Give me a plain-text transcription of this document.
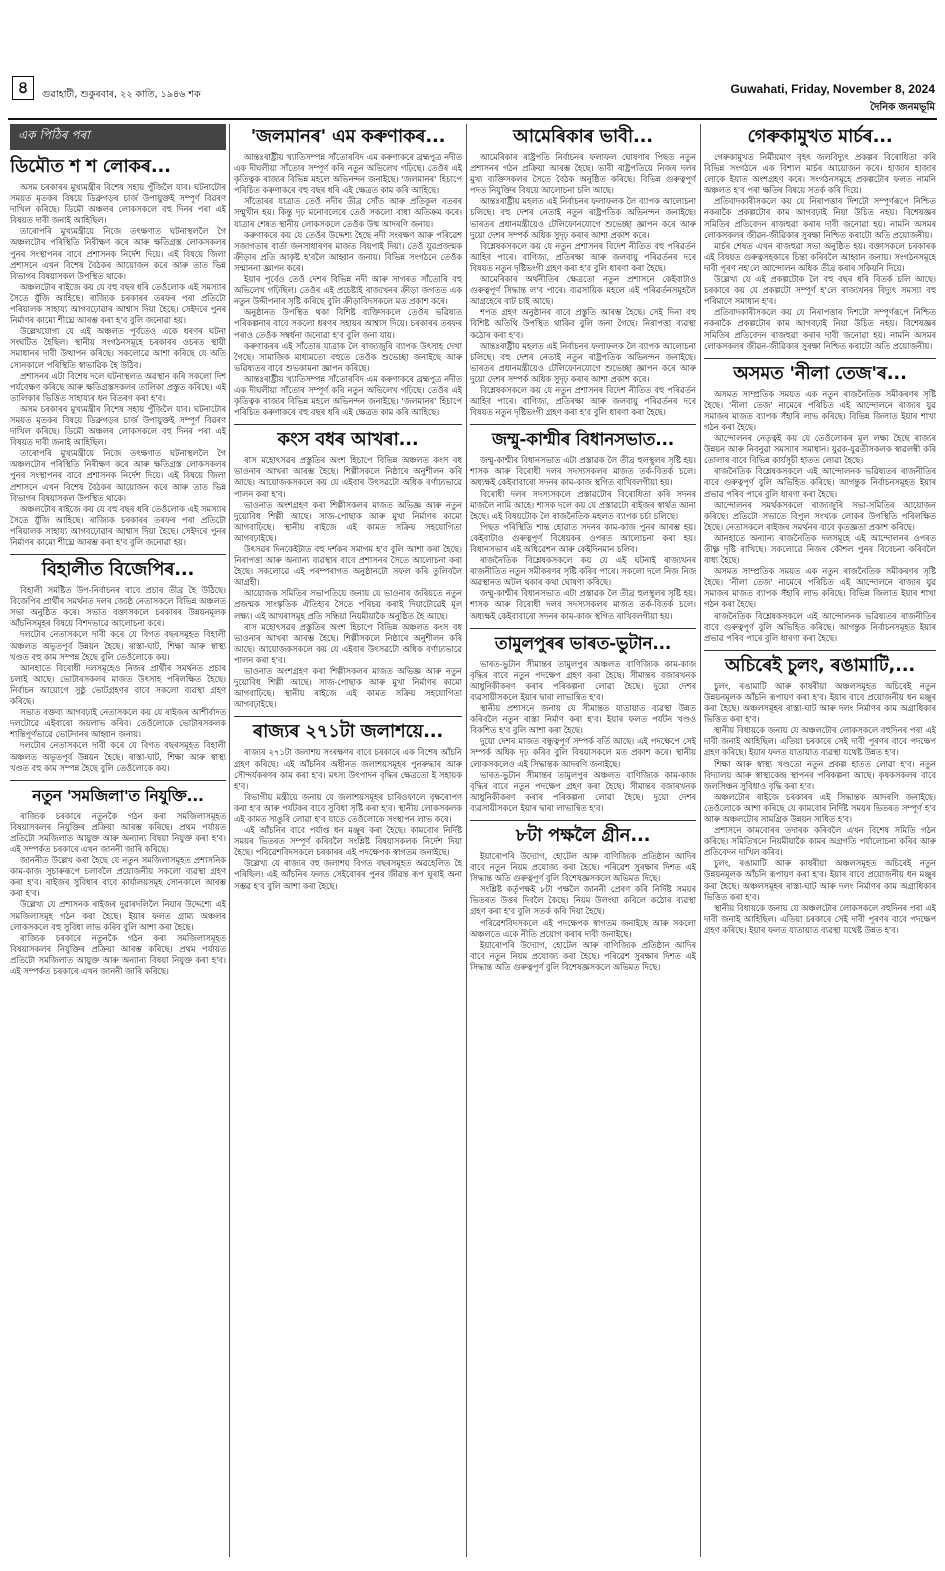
৪	গুৱাহাটী, শুকুৰবাৰ, ২২ কাতি, ১৯৪৬ শক	Guwahati, Friday, November 8, 2024
দৈনিক জনমভূমি
এক পিঠিৰ পৰা
ডিমৌত শ শ লোকৰ...

অসম চৰকাৰৰ মুখ্যমন্ত্ৰীৰ বিশেষ সহায় পুঁজিলৈ যাব। ঘটনাটোৰ সময়ত মৃতকৰ বিষয়ে ডিব্ৰুগড়ৰ চাৰ্জ উপায়ুক্তই সম্পূৰ্ণ বিৱৰণ দাখিল কৰিছে। ডিমৌ অঞ্চলৰ লোকসকলে বহু দিনৰ পৰা এই বিষয়ত দাবী জনাই আহিছিল।

তাৰোপৰি মুখ্যমন্ত্ৰীয়ে নিজে তৎক্ষণাত ঘটনাস্থললৈ গৈ অঞ্চলটোৰ পৰিস্থিতি নিৰীক্ষণ কৰে আৰু ক্ষতিগ্ৰস্ত লোকসকলৰ পুনৰ সংস্থাপনৰ বাবে প্ৰশাসনক নিৰ্দেশ দিয়ে। এই বিষয়ে জিলা প্ৰশাসনে এখন বিশেষ বৈঠকৰ আয়োজন কৰে আৰু তাত ভিন্ন বিভাগৰ বিষয়াসকল উপস্থিত থাকে।

অঞ্চলটোৰ ৰাইজে কয় যে বহু বছৰ ধৰি তেওঁলোক এই সমস্যাৰ সৈতে যুঁজি আহিছে। ৰাজ্যিক চৰকাৰৰ তৰফৰ পৰা প্ৰতিটো পৰিয়ালক সাহায্য আগবঢ়োৱাৰ আশ্বাস দিয়া হৈছে। সেইদৰে পুনৰ নিৰ্মাণৰ কামো শীঘ্ৰে আৰম্ভ কৰা হ'ব বুলি জনোৱা হয়।

উল্লেখযোগ্য যে এই অঞ্চলত পূৰ্বতেও একে ধৰণৰ ঘটনা সংঘটিত হৈছিল। স্থানীয় সংগঠনসমূহে চৰকাৰৰ ওচৰত স্থায়ী সমাধানৰ দাবী উত্থাপন কৰিছে। সকলোৱে আশা কৰিছে যে অতি সোনকালে পৰিস্থিতি স্বাভাৱিক হৈ উঠিব।

প্ৰশাসনৰ এটা বিশেষ দলে ঘটনাস্থলত অৱস্থান কৰি সকলো দিশ পৰ্যবেক্ষণ কৰিছে আৰু ক্ষতিগ্ৰস্তসকলৰ তালিকা প্ৰস্তুত কৰিছে। এই তালিকাৰ ভিত্তিত সাহায্যৰ ধন বিতৰণ কৰা হ'ব।

অসম চৰকাৰৰ মুখ্যমন্ত্ৰীৰ বিশেষ সহায় পুঁজিলৈ যাব। ঘটনাটোৰ সময়ত মৃতকৰ বিষয়ে ডিব্ৰুগড়ৰ চাৰ্জ উপায়ুক্তই সম্পূৰ্ণ বিৱৰণ দাখিল কৰিছে। ডিমৌ অঞ্চলৰ লোকসকলে বহু দিনৰ পৰা এই বিষয়ত দাবী জনাই আহিছিল।

তাৰোপৰি মুখ্যমন্ত্ৰীয়ে নিজে তৎক্ষণাত ঘটনাস্থললৈ গৈ অঞ্চলটোৰ পৰিস্থিতি নিৰীক্ষণ কৰে আৰু ক্ষতিগ্ৰস্ত লোকসকলৰ পুনৰ সংস্থাপনৰ বাবে প্ৰশাসনক নিৰ্দেশ দিয়ে। এই বিষয়ে জিলা প্ৰশাসনে এখন বিশেষ বৈঠকৰ আয়োজন কৰে আৰু তাত ভিন্ন বিভাগৰ বিষয়াসকল উপস্থিত থাকে।

অঞ্চলটোৰ ৰাইজে কয় যে বহু বছৰ ধৰি তেওঁলোক এই সমস্যাৰ সৈতে যুঁজি আহিছে। ৰাজ্যিক চৰকাৰৰ তৰফৰ পৰা প্ৰতিটো পৰিয়ালক সাহায্য আগবঢ়োৱাৰ আশ্বাস দিয়া হৈছে। সেইদৰে পুনৰ নিৰ্মাণৰ কামো শীঘ্ৰে আৰম্ভ কৰা হ'ব বুলি জনোৱা হয়।

বিহালীত বিজেপিৰ...

বিহালী সমষ্টিত উপ-নিৰ্বাচনৰ বাবে প্ৰচাৰ তীব্ৰ হৈ উঠিছে। বিজেপিৰ প্ৰাৰ্থীৰ সমৰ্থনত দলৰ জ্যেষ্ঠ নেতাসকলে বিভিন্ন অঞ্চলত সভা অনুষ্ঠিত কৰে। সভাত বক্তাসকলে চৰকাৰৰ উন্নয়নমূলক আঁচনিসমূহৰ বিষয়ে বিশদভাৱে আলোচনা কৰে।

দলটোৰ নেতাসকলে দাবী কৰে যে বিগত বছৰসমূহত বিহালী অঞ্চলত অভূতপূৰ্ব উন্নয়ন হৈছে। ৰাস্তা-ঘাট, শিক্ষা আৰু স্বাস্থ্য খণ্ডত বহু কাম সম্পন্ন হৈছে বুলি তেওঁলোকে কয়।

আনহাতে বিৰোধী দলসমূহেও নিজৰ প্ৰাৰ্থীৰ সমৰ্থনত প্ৰচাৰ চলাই আছে। ভোটাৰসকলৰ মাজত উৎসাহ পৰিলক্ষিত হৈছে। নিৰ্বাচন আয়োগে সুষ্ঠু ভোটগ্ৰহণৰ বাবে সকলো ব্যৱস্থা গ্ৰহণ কৰিছে।

সভাত বক্তব্য আগবঢ়াই নেতাসকলে কয় যে ৰাইজৰ আশীৰ্বাদত দলটোৱে এইবাৰো জয়লাভ কৰিব। তেওঁলোকে ভোটাৰসকলক শান্তিপূৰ্ণভাৱে ভোটদানৰ আহ্বান জনায়।

দলটোৰ নেতাসকলে দাবী কৰে যে বিগত বছৰসমূহত বিহালী অঞ্চলত অভূতপূৰ্ব উন্নয়ন হৈছে। ৰাস্তা-ঘাট, শিক্ষা আৰু স্বাস্থ্য খণ্ডত বহু কাম সম্পন্ন হৈছে বুলি তেওঁলোকে কয়।

নতুন 'সমজিলা'ত নিযুক্তি...

ৰাজ্যিক চৰকাৰে নতুনকৈ গঠন কৰা সমজিলাসমূহত বিষয়াসকলৰ নিযুক্তিৰ প্ৰক্ৰিয়া আৰম্ভ কৰিছে। প্ৰথম পৰ্যায়ত প্ৰতিটো সমজিলাত আয়ুক্ত আৰু অন্যান্য বিষয়া নিযুক্ত কৰা হ'ব। এই সম্পৰ্কত চৰকাৰে এখন জাননী জাৰি কৰিছে।

জাননীত উল্লেখ কৰা হৈছে যে নতুন সমজিলাসমূহত প্ৰশাসনিক কাম-কাজ সুচাৰুৰূপে চলাবলৈ প্ৰয়োজনীয় সকলো ব্যৱস্থা গ্ৰহণ কৰা হ'ব। ৰাইজৰ সুবিধাৰ বাবে কাৰ্যালয়সমূহ সোনকালে আৰম্ভ কৰা হ'ব।

উল্লেখ্য যে প্ৰশাসনক ৰাইজৰ দুৱাৰদলিলৈ নিয়াৰ উদ্দেশ্যে এই সমজিলাসমূহ গঠন কৰা হৈছে। ইয়াৰ ফলত গ্ৰাম্য অঞ্চলৰ লোকসকলে বহু সুবিধা লাভ কৰিব বুলি আশা কৰা হৈছে।

ৰাজ্যিক চৰকাৰে নতুনকৈ গঠন কৰা সমজিলাসমূহত বিষয়াসকলৰ নিযুক্তিৰ প্ৰক্ৰিয়া আৰম্ভ কৰিছে। প্ৰথম পৰ্যায়ত প্ৰতিটো সমজিলাত আয়ুক্ত আৰু অন্যান্য বিষয়া নিযুক্ত কৰা হ'ব। এই সম্পৰ্কত চৰকাৰে এখন জাননী জাৰি কৰিছে।

'জলমানৰ' এম কৰুণাকৰ...

আন্তঃৰাষ্ট্ৰীয় খ্যাতিসম্পন্ন সাঁতোৰবিদ এম কৰুণাকৰে ব্ৰহ্মপুত্ৰ নদীত এক দীঘলীয়া সাঁতোৰ সম্পূৰ্ণ কৰি নতুন অভিলেখ গঢ়িছে। তেওঁৰ এই কৃতিত্বক ৰাজ্যৰ বিভিন্ন মহলে অভিনন্দন জনাইছে। 'জলমানৰ' হিচাপে পৰিচিত কৰুণাকৰে বহু বছৰ ধৰি এই ক্ষেত্ৰত কাম কৰি আহিছে।

সাঁতোৰৰ যাত্ৰাত তেওঁ নদীৰ তীব্ৰ সোঁত আৰু প্ৰতিকূল বতৰৰ সন্মুখীন হয়। কিন্তু দৃঢ় মনোবলেৰে তেওঁ সকলো বাধা অতিক্ৰম কৰে। যাত্ৰাৰ শেষত স্থানীয় লোকসকলে তেওঁক উষ্ম আদৰণি জনায়।

কৰুণাকৰে কয় যে তেওঁৰ উদ্দেশ্য হৈছে নদী সংৰক্ষণ আৰু পৰিৱেশ সজাগতাৰ বাৰ্তা জনসাধাৰণৰ মাজত বিয়পাই দিয়া। তেওঁ যুৱপ্ৰজন্মক ক্ৰীড়াৰ প্ৰতি আকৃষ্ট হ'বলৈ আহ্বান জনায়। বিভিন্ন সংগঠনে তেওঁক সন্মাননা জ্ঞাপন কৰে।

ইয়াৰ পূৰ্বেও তেওঁ দেশৰ বিভিন্ন নদী আৰু সাগৰত সাঁতোৰি বহু অভিলেখ গঢ়িছিল। তেওঁৰ এই প্ৰচেষ্টাই ৰাজ্যখনৰ ক্ৰীড়া জগতত এক নতুন উদ্দীপনাৰ সৃষ্টি কৰিছে বুলি ক্ৰীড়াবিদসকলে মত প্ৰকাশ কৰে।

অনুষ্ঠানত উপস্থিত থকা বিশিষ্ট ব্যক্তিসকলে তেওঁৰ ভৱিষ্যত পৰিকল্পনাৰ বাবে সকলো ধৰণৰ সহায়ৰ আশ্বাস দিয়ে। চৰকাৰৰ তৰফৰ পৰাও তেওঁক সম্বৰ্ধনা জনোৱা হ'ব বুলি জনা যায়।

কৰুণাকৰৰ এই সাঁতোৰ যাত্ৰাক লৈ ৰাজ্যজুৰি ব্যাপক উৎসাহ দেখা গৈছে। সামাজিক মাধ্যমতো বহুতে তেওঁক শুভেচ্ছা জনাইছে আৰু ভৱিষ্যতৰ বাবে শুভকামনা জ্ঞাপন কৰিছে।

আন্তঃৰাষ্ট্ৰীয় খ্যাতিসম্পন্ন সাঁতোৰবিদ এম কৰুণাকৰে ব্ৰহ্মপুত্ৰ নদীত এক দীঘলীয়া সাঁতোৰ সম্পূৰ্ণ কৰি নতুন অভিলেখ গঢ়িছে। তেওঁৰ এই কৃতিত্বক ৰাজ্যৰ বিভিন্ন মহলে অভিনন্দন জনাইছে। 'জলমানৰ' হিচাপে পৰিচিত কৰুণাকৰে বহু বছৰ ধৰি এই ক্ষেত্ৰত কাম কৰি আহিছে।

কংস বধৰ আখৰা...

ৰাস মহোৎসৱৰ প্ৰস্তুতিৰ অংশ হিচাপে বিভিন্ন অঞ্চলত কংস বধ ভাওনাৰ আখৰা আৰম্ভ হৈছে। শিল্পীসকলে নিষ্ঠাৰে অনুশীলন কৰি আছে। আয়োজকসকলে কয় যে এইবাৰ উৎসৱটো অধিক বৰ্ণাঢ্যভাৱে পালন কৰা হ'ব।

ভাওনাত অংশগ্ৰহণ কৰা শিল্পীসকলৰ মাজত অভিজ্ঞ আৰু নতুন দুয়োবিধ শিল্পী আছে। সাজ-পোছাক আৰু মুখা নিৰ্মাণৰ কামো আগবাঢ়িছে। স্থানীয় ৰাইজে এই কামত সক্ৰিয় সহযোগিতা আগবঢ়াইছে।

উৎসৱৰ দিনকেইটাত বহু দৰ্শকৰ সমাগম হ'ব বুলি আশা কৰা হৈছে। নিৰাপত্তা আৰু অন্যান্য ব্যৱস্থাৰ বাবে প্ৰশাসনৰ সৈতে আলোচনা কৰা হৈছে। সকলোৱে এই পৰম্পৰাগত অনুষ্ঠানটো সফল কৰি তুলিবলৈ আগ্ৰহী।

আয়োজক সমিতিৰ সভাপতিয়ে জনায় যে ভাওনাৰ জৰিয়তে নতুন প্ৰজন্মক সাংস্কৃতিক ঐতিহ্যৰ সৈতে পৰিচয় কৰাই দিয়াটোৱেই মূল লক্ষ্য। এই আখৰাসমূহ প্ৰতি সন্ধিয়া নিয়মীয়াকৈ অনুষ্ঠিত হৈ আছে।

ৰাস মহোৎসৱৰ প্ৰস্তুতিৰ অংশ হিচাপে বিভিন্ন অঞ্চলত কংস বধ ভাওনাৰ আখৰা আৰম্ভ হৈছে। শিল্পীসকলে নিষ্ঠাৰে অনুশীলন কৰি আছে। আয়োজকসকলে কয় যে এইবাৰ উৎসৱটো অধিক বৰ্ণাঢ্যভাৱে পালন কৰা হ'ব।

ভাওনাত অংশগ্ৰহণ কৰা শিল্পীসকলৰ মাজত অভিজ্ঞ আৰু নতুন দুয়োবিধ শিল্পী আছে। সাজ-পোছাক আৰু মুখা নিৰ্মাণৰ কামো আগবাঢ়িছে। স্থানীয় ৰাইজে এই কামত সক্ৰিয় সহযোগিতা আগবঢ়াইছে।

ৰাজ্যৰ ২৭১টা জলাশয়ে...

ৰাজ্যৰ ২৭১টা জলাশয় সংৰক্ষণৰ বাবে চৰকাৰে এক বিশেষ আঁচনি গ্ৰহণ কৰিছে। এই আঁচনিৰ অধীনত জলাশয়সমূহৰ পুনৰুদ্ধাৰ আৰু সৌন্দৰ্যকৰণৰ কাম কৰা হ'ব। মৎস্য উৎপাদন বৃদ্ধিৰ ক্ষেত্ৰতো ই সহায়ক হ'ব।

বিভাগীয় মন্ত্ৰীয়ে জনায় যে জলাশয়সমূহৰ চাৰিওফালে বৃক্ষৰোপণ কৰা হ'ব আৰু পৰ্যটকৰ বাবে সুবিধা সৃষ্টি কৰা হ'ব। স্থানীয় লোকসকলক এই কামত সাঙুৰি লোৱা হ'ব যাতে তেওঁলোকে সংস্থাপন লাভ কৰে।

এই আঁচনিৰ বাবে পৰ্যাপ্ত ধন মঞ্জুৰ কৰা হৈছে। কামবোৰ নিৰ্দিষ্ট সময়ৰ ভিতৰত সম্পূৰ্ণ কৰিবলৈ সংশ্লিষ্ট বিষয়াসকলক নিৰ্দেশ দিয়া হৈছে। পৰিৱেশবিদসকলে চৰকাৰৰ এই পদক্ষেপক স্বাগতম জনাইছে।

উল্লেখ্য যে ৰাজ্যৰ বহু জলাশয় বিগত বছৰসমূহত অৱহেলিত হৈ পৰিছিল। এই আঁচনিৰ ফলত সেইবোৰৰ পুনৰ জীৱন্ত ৰূপ ঘূৰাই অনা সম্ভৱ হ'ব বুলি আশা কৰা হৈছে।

আমেৰিকাৰ ভাবী...

আমেৰিকাৰ ৰাষ্ট্ৰপতি নিৰ্বাচনৰ ফলাফল ঘোষণাৰ পিছত নতুন প্ৰশাসনৰ গঠন প্ৰক্ৰিয়া আৰম্ভ হৈছে। ভাবী ৰাষ্ট্ৰপতিয়ে নিজৰ দলৰ মুখ্য ব্যক্তিসকলৰ সৈতে বৈঠক অনুষ্ঠিত কৰিছে। বিভিন্ন গুৰুত্বপূৰ্ণ পদত নিযুক্তিৰ বিষয়ে আলোচনা চলি আছে।

আন্তঃৰাষ্ট্ৰীয় মহলত এই নিৰ্বাচনৰ ফলাফলক লৈ ব্যাপক আলোচনা চলিছে। বহু দেশৰ নেতাই নতুন ৰাষ্ট্ৰপতিক অভিনন্দন জনাইছে। ভাৰতৰ প্ৰধানমন্ত্ৰীয়েও টেলিফোনযোগে শুভেচ্ছা জ্ঞাপন কৰে আৰু দুয়ো দেশৰ সম্পৰ্ক অধিক সুদৃঢ় কৰাৰ আশা প্ৰকাশ কৰে।

বিশ্লেষকসকলে কয় যে নতুন প্ৰশাসনৰ বিদেশ নীতিত বহু পৰিৱৰ্তন আহিব পাৰে। বাণিজ্য, প্ৰতিৰক্ষা আৰু জলবায়ু পৰিৱৰ্তনৰ দৰে বিষয়ত নতুন দৃষ্টিভংগী গ্ৰহণ কৰা হ'ব বুলি ধাৰণা কৰা হৈছে।

আমেৰিকাৰ অৰ্থনীতিৰ ক্ষেত্ৰতো নতুন প্ৰশাসনে কেইবাটাও গুৰুত্বপূৰ্ণ সিদ্ধান্ত ল'ব পাৰে। ব্যৱসায়িক মহলে এই পৰিৱৰ্তনসমূহলৈ আগ্ৰহেৰে বাট চাই আছে।

শপত গ্ৰহণ অনুষ্ঠানৰ বাবে প্ৰস্তুতি আৰম্ভ হৈছে। সেই দিনা বহু বিশিষ্ট অতিথি উপস্থিত থাকিব বুলি জনা গৈছে। নিৰাপত্তা ব্যৱস্থা কঠোৰ কৰা হ'ব।

আন্তঃৰাষ্ট্ৰীয় মহলত এই নিৰ্বাচনৰ ফলাফলক লৈ ব্যাপক আলোচনা চলিছে। বহু দেশৰ নেতাই নতুন ৰাষ্ট্ৰপতিক অভিনন্দন জনাইছে। ভাৰতৰ প্ৰধানমন্ত্ৰীয়েও টেলিফোনযোগে শুভেচ্ছা জ্ঞাপন কৰে আৰু দুয়ো দেশৰ সম্পৰ্ক অধিক সুদৃঢ় কৰাৰ আশা প্ৰকাশ কৰে।

বিশ্লেষকসকলে কয় যে নতুন প্ৰশাসনৰ বিদেশ নীতিত বহু পৰিৱৰ্তন আহিব পাৰে। বাণিজ্য, প্ৰতিৰক্ষা আৰু জলবায়ু পৰিৱৰ্তনৰ দৰে বিষয়ত নতুন দৃষ্টিভংগী গ্ৰহণ কৰা হ'ব বুলি ধাৰণা কৰা হৈছে।

জম্মু-কাশ্মীৰ বিধানসভাত...

জম্মু-কাশ্মীৰ বিধানসভাত এটা প্ৰস্তাৱক লৈ তীব্ৰ হুলস্থূলৰ সৃষ্টি হয়। শাসক আৰু বিৰোধী দলৰ সদস্যসকলৰ মাজত তৰ্ক-বিতৰ্ক চলে। অধ্যক্ষই কেইবাবাৰো সদনৰ কাম-কাজ স্থগিত ৰাখিবলগীয়া হয়।

বিৰোধী দলৰ সদস্যসকলে প্ৰস্তাৱটোৰ বিৰোধিতা কৰি সদনৰ মাজলৈ নামি আহে। শাসক দলে কয় যে প্ৰস্তাৱটো ৰাইজৰ স্বাৰ্থত আনা হৈছে। এই বিষয়টোক লৈ ৰাজনৈতিক মহলত ব্যাপক চৰ্চা চলিছে।

পিছত পৰিস্থিতি শান্ত হোৱাত সদনৰ কাম-কাজ পুনৰ আৰম্ভ হয়। কেইবাটাও গুৰুত্বপূৰ্ণ বিধেয়কৰ ওপৰত আলোচনা কৰা হয়। বিধানসভাৰ এই অধিৱেশন আৰু কেইদিনমান চলিব।

ৰাজনৈতিক বিশ্লেষকসকলে কয় যে এই ঘটনাই ৰাজ্যখনৰ ৰাজনীতিত নতুন সমীকৰণৰ সৃষ্টি কৰিব পাৰে। সকলো দলে নিজ নিজ অৱস্থানত অটল থকাৰ কথা ঘোষণা কৰিছে।

জম্মু-কাশ্মীৰ বিধানসভাত এটা প্ৰস্তাৱক লৈ তীব্ৰ হুলস্থূলৰ সৃষ্টি হয়। শাসক আৰু বিৰোধী দলৰ সদস্যসকলৰ মাজত তৰ্ক-বিতৰ্ক চলে। অধ্যক্ষই কেইবাবাৰো সদনৰ কাম-কাজ স্থগিত ৰাখিবলগীয়া হয়।

তামুলপুৰৰ ভাৰত-ভুটান...

ভাৰত-ভুটান সীমান্তৰ তামুলপুৰ অঞ্চলত বাণিজ্যিক কাম-কাজ বৃদ্ধিৰ বাবে নতুন পদক্ষেপ গ্ৰহণ কৰা হৈছে। সীমান্তৰ বজাৰখনক আধুনিকীকৰণ কৰাৰ পৰিকল্পনা লোৱা হৈছে। দুয়ো দেশৰ ব্যৱসায়ীসকলে ইয়াৰ দ্বাৰা লাভান্বিত হ'ব।

স্থানীয় প্ৰশাসনে জনায় যে সীমান্তত যাতায়াত ব্যৱস্থা উন্নত কৰিবলৈ নতুন ৰাস্তা নিৰ্মাণ কৰা হ'ব। ইয়াৰ ফলত পৰ্যটন খণ্ডও বিকশিত হ'ব বুলি আশা কৰা হৈছে।

দুয়ো দেশৰ মাজত বন্ধুত্বপূৰ্ণ সম্পৰ্ক বৰ্তি আছে। এই পদক্ষেপে সেই সম্পৰ্ক অধিক দৃঢ় কৰিব বুলি বিষয়াসকলে মত প্ৰকাশ কৰে। স্থানীয় লোকসকলেও এই সিদ্ধান্তক আদৰণি জনাইছে।

ভাৰত-ভুটান সীমান্তৰ তামুলপুৰ অঞ্চলত বাণিজ্যিক কাম-কাজ বৃদ্ধিৰ বাবে নতুন পদক্ষেপ গ্ৰহণ কৰা হৈছে। সীমান্তৰ বজাৰখনক আধুনিকীকৰণ কৰাৰ পৰিকল্পনা লোৱা হৈছে। দুয়ো দেশৰ ব্যৱসায়ীসকলে ইয়াৰ দ্বাৰা লাভান্বিত হ'ব।

৮টা পক্ষলৈ গ্ৰীন...

ইয়াৰোপৰি উদ্যোগ, হোটেল আৰু বাণিজ্যিক প্ৰতিষ্ঠান আদিৰ বাবে নতুন নিয়ম প্ৰযোজ্য কৰা হৈছে। পৰিৱেশ সুৰক্ষাৰ দিশত এই সিদ্ধান্ত অতি গুৰুত্বপূৰ্ণ বুলি বিশেষজ্ঞসকলে অভিমত দিছে।

সংশ্লিষ্ট কৰ্তৃপক্ষই ৮টা পক্ষলৈ জাননী প্ৰেৰণ কৰি নিৰ্দিষ্ট সময়ৰ ভিতৰত উত্তৰ দিবলৈ কৈছে। নিয়ম উলংঘা কৰিলে কঠোৰ ব্যৱস্থা গ্ৰহণ কৰা হ'ব বুলি সতৰ্ক কৰি দিয়া হৈছে।

পৰিৱেশবিদসকলে এই পদক্ষেপক স্বাগতম জনাইছে আৰু সকলো অঞ্চলতে একে নীতি প্ৰয়োগ কৰাৰ দাবী জনাইছে।

ইয়াৰোপৰি উদ্যোগ, হোটেল আৰু বাণিজ্যিক প্ৰতিষ্ঠান আদিৰ বাবে নতুন নিয়ম প্ৰযোজ্য কৰা হৈছে। পৰিৱেশ সুৰক্ষাৰ দিশত এই সিদ্ধান্ত অতি গুৰুত্বপূৰ্ণ বুলি বিশেষজ্ঞসকলে অভিমত দিছে।

গেৰুকামুখত মাৰ্চৰ...

গেৰুকামুখত নিৰ্মীয়মাণ বৃহৎ জলবিদ্যুৎ প্ৰকল্পৰ বিৰোধিতা কৰি বিভিন্ন সংগঠনে এক বিশাল মাৰ্চৰ আয়োজন কৰে। হাজাৰ হাজাৰ লোকে ইয়াত অংশগ্ৰহণ কৰে। সংগঠনসমূহে প্ৰকল্পটোৰ ফলত নামনি অঞ্চলত হ'ব পৰা ক্ষতিৰ বিষয়ে সতৰ্ক কৰি দিয়ে।

প্ৰতিবাদকাৰীসকলে কয় যে নিৰাপত্তাৰ দিশটো সম্পূৰ্ণৰূপে নিশ্চিত নকৰাকৈ প্ৰকল্পটোৰ কাম আগবঢ়াই নিয়া উচিত নহয়। বিশেষজ্ঞৰ সমিতিৰ প্ৰতিবেদন ৰাজহুৱা কৰাৰ দাবী জনোৱা হয়। নামনি অসমৰ লোকসকলৰ জীৱন-জীৱিকাৰ সুৰক্ষা নিশ্চিত কৰাটো অতি প্ৰয়োজনীয়।

মাৰ্চৰ শেষত এখন ৰাজহুৱা সভা অনুষ্ঠিত হয়। বক্তাসকলে চৰকাৰক এই বিষয়ত গুৰুত্বসহকাৰে চিন্তা কৰিবলৈ আহ্বান জনায়। সংগঠনসমূহে দাবী পূৰণ নহ'লে আন্দোলন অধিক তীব্ৰ কৰাৰ সকিয়নি দিয়ে।

উল্লেখ্য যে এই প্ৰকল্পটোক লৈ বহু বছৰ ধৰি বিতৰ্ক চলি আছে। চৰকাৰে কয় যে প্ৰকল্পটো সম্পূৰ্ণ হ'লে ৰাজ্যখনৰ বিদ্যুৎ সমস্যা বহু পৰিমাণে সমাধান হ'ব।

প্ৰতিবাদকাৰীসকলে কয় যে নিৰাপত্তাৰ দিশটো সম্পূৰ্ণৰূপে নিশ্চিত নকৰাকৈ প্ৰকল্পটোৰ কাম আগবঢ়াই নিয়া উচিত নহয়। বিশেষজ্ঞৰ সমিতিৰ প্ৰতিবেদন ৰাজহুৱা কৰাৰ দাবী জনোৱা হয়। নামনি অসমৰ লোকসকলৰ জীৱন-জীৱিকাৰ সুৰক্ষা নিশ্চিত কৰাটো অতি প্ৰয়োজনীয়।

অসমত 'নীলা তেজ'ৰ...

অসমত সাম্প্ৰতিক সময়ত এক নতুন ৰাজনৈতিক সমীকৰণৰ সৃষ্টি হৈছে। 'নীলা তেজ' নামেৰে পৰিচিত এই আন্দোলনে ৰাজ্যৰ যুৱ সমাজৰ মাজত ব্যাপক সঁহাৰি লাভ কৰিছে। বিভিন্ন জিলাত ইয়াৰ শাখা গঠন কৰা হৈছে।

আন্দোলনৰ নেতৃত্বই কয় যে তেওঁলোকৰ মূল লক্ষ্য হৈছে ৰাজ্যৰ উন্নয়ন আৰু নিবনুৱা সমস্যাৰ সমাধান। যুৱক-যুৱতীসকলক স্বাৱলম্বী কৰি তোলাৰ বাবে বিভিন্ন কাৰ্যসূচী হাতত লোৱা হৈছে।

ৰাজনৈতিক বিশ্লেষকসকলে এই আন্দোলনক ভৱিষ্যতৰ ৰাজনীতিৰ বাবে গুৰুত্বপূৰ্ণ বুলি অভিহিত কৰিছে। আগন্তুক নিৰ্বাচনসমূহত ইয়াৰ প্ৰভাৱ পৰিব পাৰে বুলি ধাৰণা কৰা হৈছে।

আন্দোলনৰ সমৰ্থকসকলে ৰাজ্যজুৰি সভা-সমিতিৰ আয়োজন কৰিছে। প্ৰতিটো সভাতে বিপুল সংখ্যক লোকৰ উপস্থিতি পৰিলক্ষিত হৈছে। নেতাসকলে ৰাইজৰ সমৰ্থনৰ বাবে কৃতজ্ঞতা প্ৰকাশ কৰিছে।

আনহাতে অন্যান্য ৰাজনৈতিক দলসমূহে এই আন্দোলনৰ ওপৰত তীক্ষ্ণ দৃষ্টি ৰাখিছে। সকলোৱে নিজৰ কৌশল পুনৰ বিবেচনা কৰিবলৈ বাধ্য হৈছে।

অসমত সাম্প্ৰতিক সময়ত এক নতুন ৰাজনৈতিক সমীকৰণৰ সৃষ্টি হৈছে। 'নীলা তেজ' নামেৰে পৰিচিত এই আন্দোলনে ৰাজ্যৰ যুৱ সমাজৰ মাজত ব্যাপক সঁহাৰি লাভ কৰিছে। বিভিন্ন জিলাত ইয়াৰ শাখা গঠন কৰা হৈছে।

ৰাজনৈতিক বিশ্লেষকসকলে এই আন্দোলনক ভৱিষ্যতৰ ৰাজনীতিৰ বাবে গুৰুত্বপূৰ্ণ বুলি অভিহিত কৰিছে। আগন্তুক নিৰ্বাচনসমূহত ইয়াৰ প্ৰভাৱ পৰিব পাৰে বুলি ধাৰণা কৰা হৈছে।

অচিৰেই চুলং, ৰঙামাটি,...

চুলং, ৰঙামাটি আৰু কাষৰীয়া অঞ্চলসমূহত অচিৰেই নতুন উন্নয়নমূলক আঁচনি ৰূপায়ণ কৰা হ'ব। ইয়াৰ বাবে প্ৰয়োজনীয় ধন মঞ্জুৰ কৰা হৈছে। অঞ্চলসমূহৰ ৰাস্তা-ঘাট আৰু দলং নিৰ্মাণৰ কাম অগ্ৰাধিকাৰ ভিত্তিত কৰা হ'ব।

স্থানীয় বিধায়কে জনায় যে অঞ্চলটোৰ লোকসকলে বহুদিনৰ পৰা এই দাবী জনাই আহিছিল। এতিয়া চৰকাৰে সেই দাবী পূৰণৰ বাবে পদক্ষেপ গ্ৰহণ কৰিছে। ইয়াৰ ফলত যাতায়াত ব্যৱস্থা যথেষ্ট উন্নত হ'ব।

শিক্ষা আৰু স্বাস্থ্য খণ্ডতো নতুন প্ৰকল্প হাতত লোৱা হ'ব। নতুন বিদ্যালয় আৰু স্বাস্থ্যকেন্দ্ৰ স্থাপনৰ পৰিকল্পনা আছে। কৃষকসকলৰ বাবে জলসিঞ্চন সুবিধাও বৃদ্ধি কৰা হ'ব।

অঞ্চলটোৰ ৰাইজে চৰকাৰৰ এই সিদ্ধান্তক আদৰণি জনাইছে। তেওঁলোকে আশা কৰিছে যে কামবোৰ নিৰ্দিষ্ট সময়ৰ ভিতৰত সম্পূৰ্ণ হ'ব আৰু অঞ্চলটোৰ সামগ্ৰিক উন্নয়ন সাধিত হ'ব।

প্ৰশাসনে কামবোৰৰ তদাৰক কৰিবলৈ এখন বিশেষ সমিতি গঠন কৰিছে। সমিতিখনে নিয়মীয়াকৈ কামৰ অগ্ৰগতি পৰ্যালোচনা কৰিব আৰু প্ৰতিবেদন দাখিল কৰিব।

চুলং, ৰঙামাটি আৰু কাষৰীয়া অঞ্চলসমূহত অচিৰেই নতুন উন্নয়নমূলক আঁচনি ৰূপায়ণ কৰা হ'ব। ইয়াৰ বাবে প্ৰয়োজনীয় ধন মঞ্জুৰ কৰা হৈছে। অঞ্চলসমূহৰ ৰাস্তা-ঘাট আৰু দলং নিৰ্মাণৰ কাম অগ্ৰাধিকাৰ ভিত্তিত কৰা হ'ব।

স্থানীয় বিধায়কে জনায় যে অঞ্চলটোৰ লোকসকলে বহুদিনৰ পৰা এই দাবী জনাই আহিছিল। এতিয়া চৰকাৰে সেই দাবী পূৰণৰ বাবে পদক্ষেপ গ্ৰহণ কৰিছে। ইয়াৰ ফলত যাতায়াত ব্যৱস্থা যথেষ্ট উন্নত হ'ব।
